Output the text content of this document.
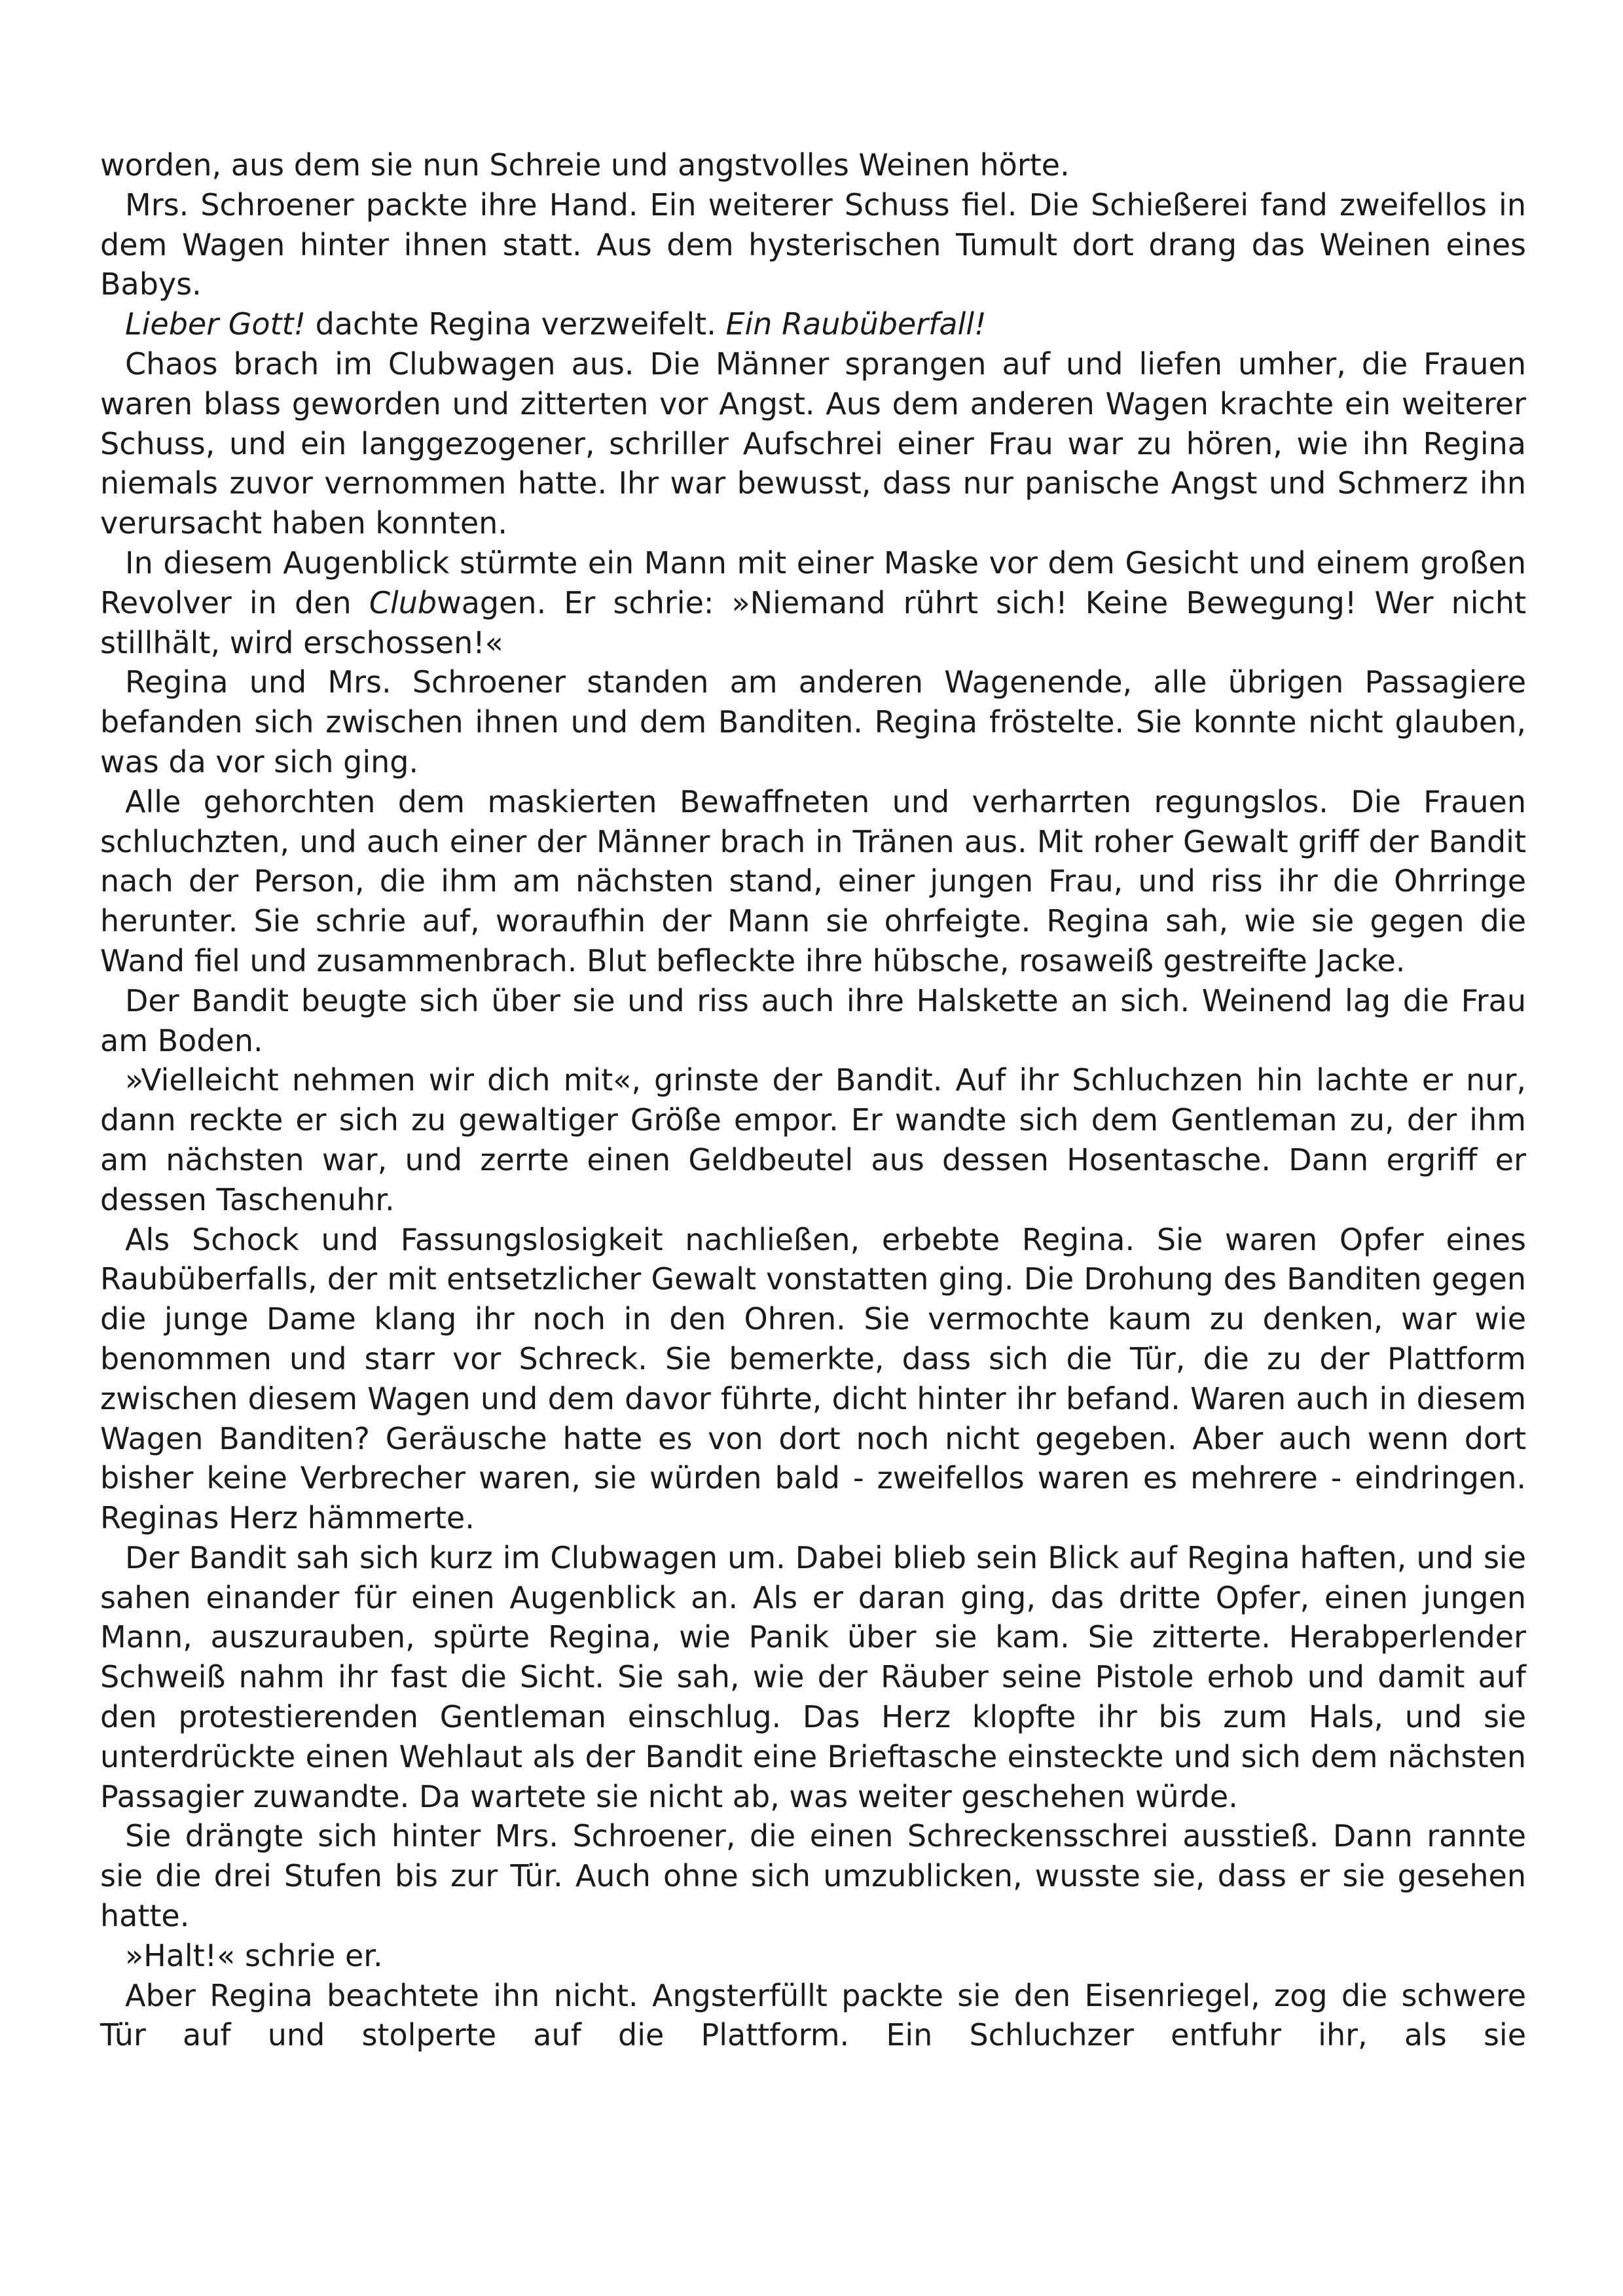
worden, aus dem sie nun Schreie und angstvolles Weinen hörte.

Mrs. Schroener packte ihre Hand. Ein weiterer Schuss fiel. Die Schießerei fand zweifellos in dem Wagen hinter ihnen statt. Aus dem hysterischen Tumult dort drang das Weinen eines Babys.

Lieber Gott! dachte Regina verzweifelt. Ein Raubüberfall!

Chaos brach im Clubwagen aus. Die Männer sprangen auf und liefen umher, die Frauen waren blass geworden und zitterten vor Angst. Aus dem anderen Wagen krachte ein weiterer Schuss, und ein langgezogener, schriller Aufschrei einer Frau war zu hören, wie ihn Regina niemals zuvor vernommen hatte. Ihr war bewusst, dass nur panische Angst und Schmerz ihn verursacht haben konnten.

In diesem Augenblick stürmte ein Mann mit einer Maske vor dem Gesicht und einem großen Revolver in den Clubwagen. Er schrie: »Niemand rührt sich! Keine Bewegung! Wer nicht stillhält, wird erschossen!«

Regina und Mrs. Schroener standen am anderen Wagenende, alle übrigen Passagiere befanden sich zwischen ihnen und dem Banditen. Regina fröstelte. Sie konnte nicht glauben, was da vor sich ging.

Alle gehorchten dem maskierten Bewaffneten und verharrten regungslos. Die Frauen schluchzten, und auch einer der Männer brach in Tränen aus. Mit roher Gewalt griff der Bandit nach der Person, die ihm am nächsten stand, einer jungen Frau, und riss ihr die Ohrringe herunter. Sie schrie auf, woraufhin der Mann sie ohrfeigte. Regina sah, wie sie gegen die Wand fiel und zusammenbrach. Blut befleckte ihre hübsche, rosaweiß gestreifte Jacke.

Der Bandit beugte sich über sie und riss auch ihre Halskette an sich. Weinend lag die Frau am Boden.

»Vielleicht nehmen wir dich mit«, grinste der Bandit. Auf ihr Schluchzen hin lachte er nur, dann reckte er sich zu gewaltiger Größe empor. Er wandte sich dem Gentleman zu, der ihm am nächsten war, und zerrte einen Geldbeutel aus dessen Hosentasche. Dann ergriff er dessen Taschenuhr.

Als Schock und Fassungslosigkeit nachließen, erbebte Regina. Sie waren Opfer eines Raubüberfalls, der mit entsetzlicher Gewalt vonstatten ging. Die Drohung des Banditen gegen die junge Dame klang ihr noch in den Ohren. Sie vermochte kaum zu denken, war wie benommen und starr vor Schreck. Sie bemerkte, dass sich die Tür, die zu der Plattform zwischen diesem Wagen und dem davor führte, dicht hinter ihr befand. Waren auch in diesem Wagen Banditen? Geräusche hatte es von dort noch nicht gegeben. Aber auch wenn dort bisher keine Verbrecher waren, sie würden bald - zweifellos waren es mehrere - eindringen. Reginas Herz hämmerte.

Der Bandit sah sich kurz im Clubwagen um. Dabei blieb sein Blick auf Regina haften, und sie sahen einander für einen Augenblick an. Als er daran ging, das dritte Opfer, einen jungen Mann, auszurauben, spürte Regina, wie Panik über sie kam. Sie zitterte. Herabperlender Schweiß nahm ihr fast die Sicht. Sie sah, wie der Räuber seine Pistole erhob und damit auf den protestierenden Gentleman einschlug. Das Herz klopfte ihr bis zum Hals, und sie unterdrückte einen Wehlaut als der Bandit eine Brieftasche einsteckte und sich dem nächsten Passagier zuwandte. Da wartete sie nicht ab, was weiter geschehen würde.

Sie drängte sich hinter Mrs. Schroener, die einen Schreckensschrei ausstieß. Dann rannte sie die drei Stufen bis zur Tür. Auch ohne sich umzublicken, wusste sie, dass er sie gesehen hatte.

»Halt!« schrie er.

Aber Regina beachtete ihn nicht. Angsterfüllt packte sie den Eisenriegel, zog die schwere Tür auf und stolperte auf die Plattform. Ein Schluchzer entfuhr ihr, als sie
